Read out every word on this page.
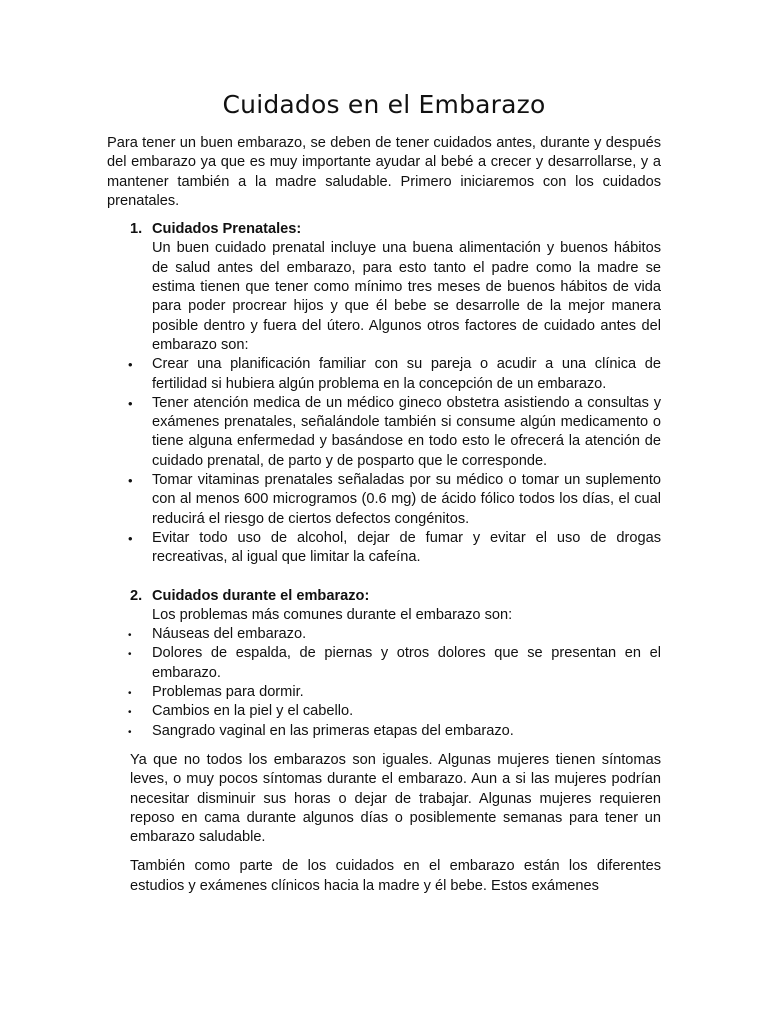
Cuidados en el Embarazo

Para tener un buen embarazo, se deben de tener cuidados antes, durante y después del embarazo ya que es muy importante ayudar al bebé a crecer y desarrollarse, y a mantener también a la madre saludable. Primero iniciaremos con los cuidados prenatales.

1. Cuidados Prenatales:

Un buen cuidado prenatal incluye una buena alimentación y buenos hábitos de salud antes del embarazo, para esto tanto el padre como la madre se estima tienen que tener como mínimo tres meses de buenos hábitos de vida para poder procrear hijos y que él bebe se desarrolle de la mejor manera posible dentro y fuera del útero. Algunos otros factores de cuidado antes del embarazo son:

• Crear una planificación familiar con su pareja o acudir a una clínica de fertilidad si hubiera algún problema en la concepción de un embarazo.
• Tener atención medica de un médico gineco obstetra asistiendo a consultas y exámenes prenatales, señalándole también si consume algún medicamento o tiene alguna enfermedad y basándose en todo esto le ofrecerá la atención de cuidado prenatal, de parto y de posparto que le corresponde.
• Tomar vitaminas prenatales señaladas por su médico o tomar un suplemento con al menos 600 microgramos (0.6 mg) de ácido fólico todos los días, el cual reducirá el riesgo de ciertos defectos congénitos.
• Evitar todo uso de alcohol, dejar de fumar y evitar el uso de drogas recreativas, al igual que limitar la cafeína.
2. Cuidados durante el embarazo:

Los problemas más comunes durante el embarazo son:

• Náuseas del embarazo.
• Dolores de espalda, de piernas y otros dolores que se presentan en el embarazo.
• Problemas para dormir.
• Cambios en la piel y el cabello.
• Sangrado vaginal en las primeras etapas del embarazo.

Ya que no todos los embarazos son iguales. Algunas mujeres tienen síntomas leves, o muy pocos síntomas durante el embarazo. Aun a si las mujeres podrían necesitar disminuir sus horas o dejar de trabajar. Algunas mujeres requieren reposo en cama durante algunos días o posiblemente semanas para tener un embarazo saludable.

También como parte de los cuidados en el embarazo están los diferentes estudios y exámenes clínicos hacia la madre y él bebe. Estos exámenes
